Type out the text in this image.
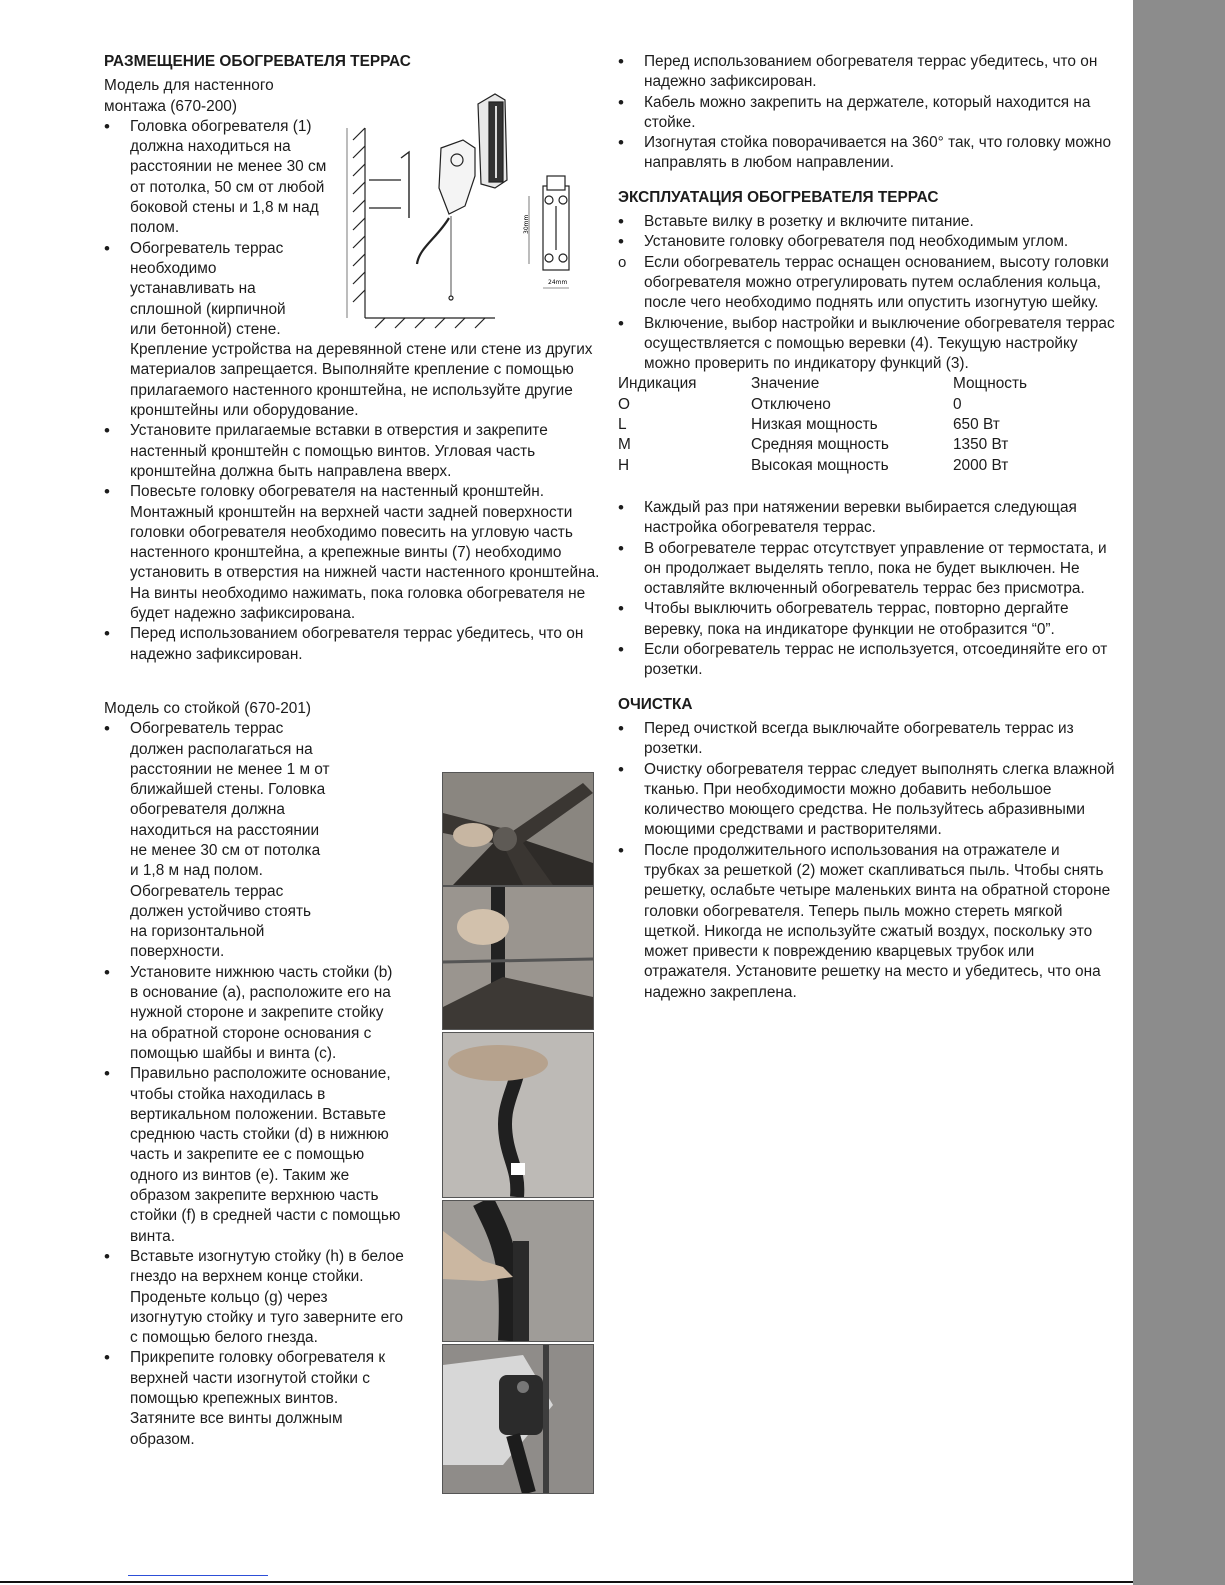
РАЗМЕЩЕНИЕ ОБОГРЕВАТЕЛЯ ТЕРРАС

Модель для настенного

монтажа (670-200)

• Головка обогревателя (1) должна находиться на расстоянии не менее 30 см от потолка, 50 см от любой боковой стены и 1,8 м над полом.
• Обогреватель террас необходимо устанавливать на сплошной (кирпичной или бетонной) стене. Крепление устройства на деревянной стене или стене из других материалов запрещается. Выполняйте крепление с помощью прилагаемого настенного кронштейна, не используйте другие кронштейны или оборудование.
• Установите прилагаемые вставки в отверстия и закрепите настенный кронштейн с помощью винтов. Угловая часть кронштейна должна быть направлена вверх.
• Повесьте головку обогревателя на настенный кронштейн. Монтажный кронштейн на верхней части задней поверхности головки обогревателя необходимо повесить на угловую часть настенного кронштейна, а крепежные винты (7) необходимо установить в отверстия на нижней части настенного кронштейна. На винты необходимо нажимать, пока головка обогревателя не будет надежно зафиксирована.
• Перед использованием обогревателя террас убедитесь, что он надежно зафиксирован.

Модель со стойкой (670-201)

• Обогреватель террас должен располагаться на расстоянии не менее 1 м от ближайшей стены. Головка обогревателя должна находиться на расстоянии не менее 30 см от потолка и 1,8 м над полом. Обогреватель террас должен устойчиво стоять на горизонтальной поверхности.
• Установите нижнюю часть стойки (b) в основание (a), расположите его на нужной стороне и закрепите стойку на обратной стороне основания с помощью шайбы и винта (c).
• Правильно расположите основание, чтобы стойка находилась в вертикальном положении. Вставьте среднюю часть стойки (d) в нижнюю часть и закрепите ее с помощью одного из винтов (e). Таким же образом закрепите верхнюю часть стойки (f) в средней части с помощью винта.
• Вставьте изогнутую стойку (h) в белое гнездо на верхнем конце стойки. Проденьте кольцо (g) через изогнутую стойку и туго заверните его с помощью белого гнезда.
• Прикрепите головку обогревателя к верхней части изогнутой стойки с помощью крепежных винтов. Затяните все винты должным образом.
30mm
24mm
• Перед использованием обогревателя террас убедитесь, что он надежно зафиксирован.
• Кабель можно закрепить на держателе, который находится на стойке.
• Изогнутая стойка поворачивается на 360° так, что головку можно направлять в любом направлении.
ЭКСПЛУАТАЦИЯ ОБОГРЕВАТЕЛЯ ТЕРРАС
• Вставьте вилку в розетку и включите питание.
• Установите головку обогревателя под необходимым углом.
o Если обогреватель террас оснащен основанием, высоту головки обогревателя можно отрегулировать путем ослабления кольца, после чего необходимо поднять или опустить изогнутую шейку.
• Включение, выбор настройки и выключение обогревателя террас осуществляется с помощью веревки (4). Текущую настройку можно проверить по индикатору функций (3).
Индикация	Значение	Мощность
O	Отключено	0
L	Низкая мощность	650 Вт
M	Средняя мощность	1350 Вт
H	Высокая мощность	2000 Вт
• Каждый раз при натяжении веревки выбирается следующая настройка обогревателя террас.
• В обогревателе террас отсутствует управление от термостата, и он продолжает выделять тепло, пока не будет выключен. Не оставляйте включенный обогреватель террас без присмотра.
• Чтобы выключить обогреватель террас, повторно дергайте веревку, пока на индикаторе функции не отобразится “0”.
• Если обогреватель террас не используется, отсоединяйте его от розетки.
ОЧИСТКА
• Перед очисткой всегда выключайте обогреватель террас из розетки.
• Очистку обогревателя террас следует выполнять слегка влажной тканью. При необходимости можно добавить небольшое количество моющего средства. Не пользуйтесь абразивными моющими средствами и растворителями.
• После продолжительного использования на отражателе и трубках за решеткой (2) может скапливаться пыль. Чтобы снять решетку, ослабьте четыре маленьких винта на обратной стороне головки обогревателя. Теперь пыль можно стереть мягкой щеткой. Никогда не используйте сжатый воздух, поскольку это может привести к повреждению кварцевых трубок или отражателя. Установите решетку на место и убедитесь, что она надежно закреплена.
